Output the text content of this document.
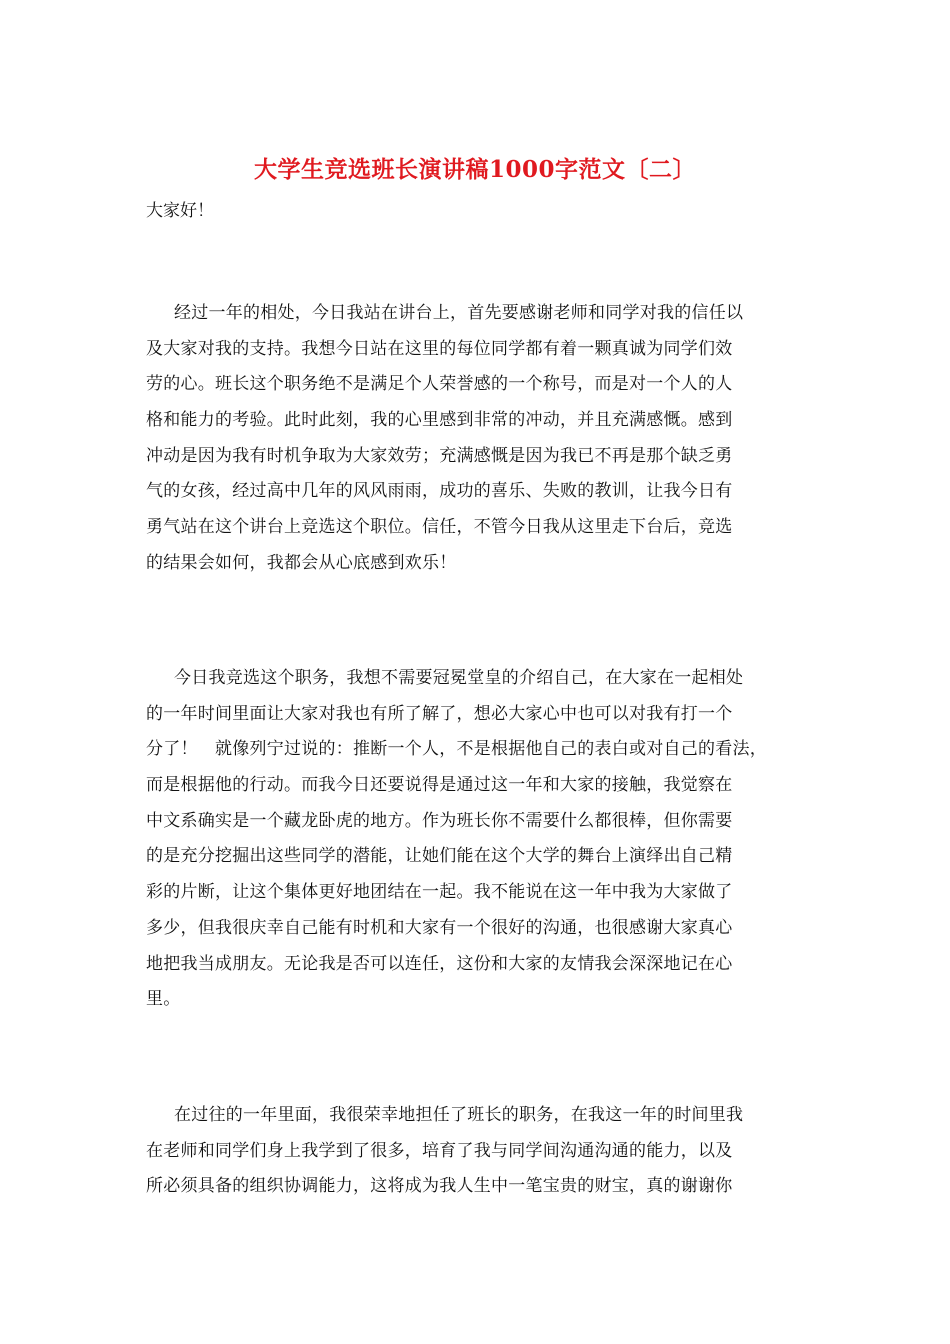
大学生竞选班长演讲稿1000字范文〔二〕
大家好！
经过一年的相处，今日我站在讲台上，首先要感谢老师和同学对我的信任以
及大家对我的支持。我想今日站在这里的每位同学都有着一颗真诚为同学们效
劳的心。班长这个职务绝不是满足个人荣誉感的一个称号，而是对一个人的人
格和能力的考验。此时此刻，我的心里感到非常的冲动，并且充满感慨。感到
冲动是因为我有时机争取为大家效劳；充满感慨是因为我已不再是那个缺乏勇
气的女孩，经过高中几年的风风雨雨，成功的喜乐、失败的教训，让我今日有
勇气站在这个讲台上竞选这个职位。信任，不管今日我从这里走下台后，竞选
的结果会如何，我都会从心底感到欢乐！
今日我竞选这个职务，我想不需要冠冕堂皇的介绍自己，在大家在一起相处
的一年时间里面让大家对我也有所了解了，想必大家心中也可以对我有打一个
分了！　就像列宁过说的：推断一个人，不是根据他自己的表白或对自己的看法，
而是根据他的行动。而我今日还要说得是通过这一年和大家的接触，我觉察在
中文系确实是一个藏龙卧虎的地方。作为班长你不需要什么都很棒，但你需要
的是充分挖掘出这些同学的潜能，让她们能在这个大学的舞台上演绎出自己精
彩的片断，让这个集体更好地团结在一起。我不能说在这一年中我为大家做了
多少，但我很庆幸自己能有时机和大家有一个很好的沟通，也很感谢大家真心
地把我当成朋友。无论我是否可以连任，这份和大家的友情我会深深地记在心
里。
在过往的一年里面，我很荣幸地担任了班长的职务，在我这一年的时间里我
在老师和同学们身上我学到了很多，培育了我与同学间沟通沟通的能力，以及
所必须具备的组织协调能力，这将成为我人生中一笔宝贵的财宝，真的谢谢你
